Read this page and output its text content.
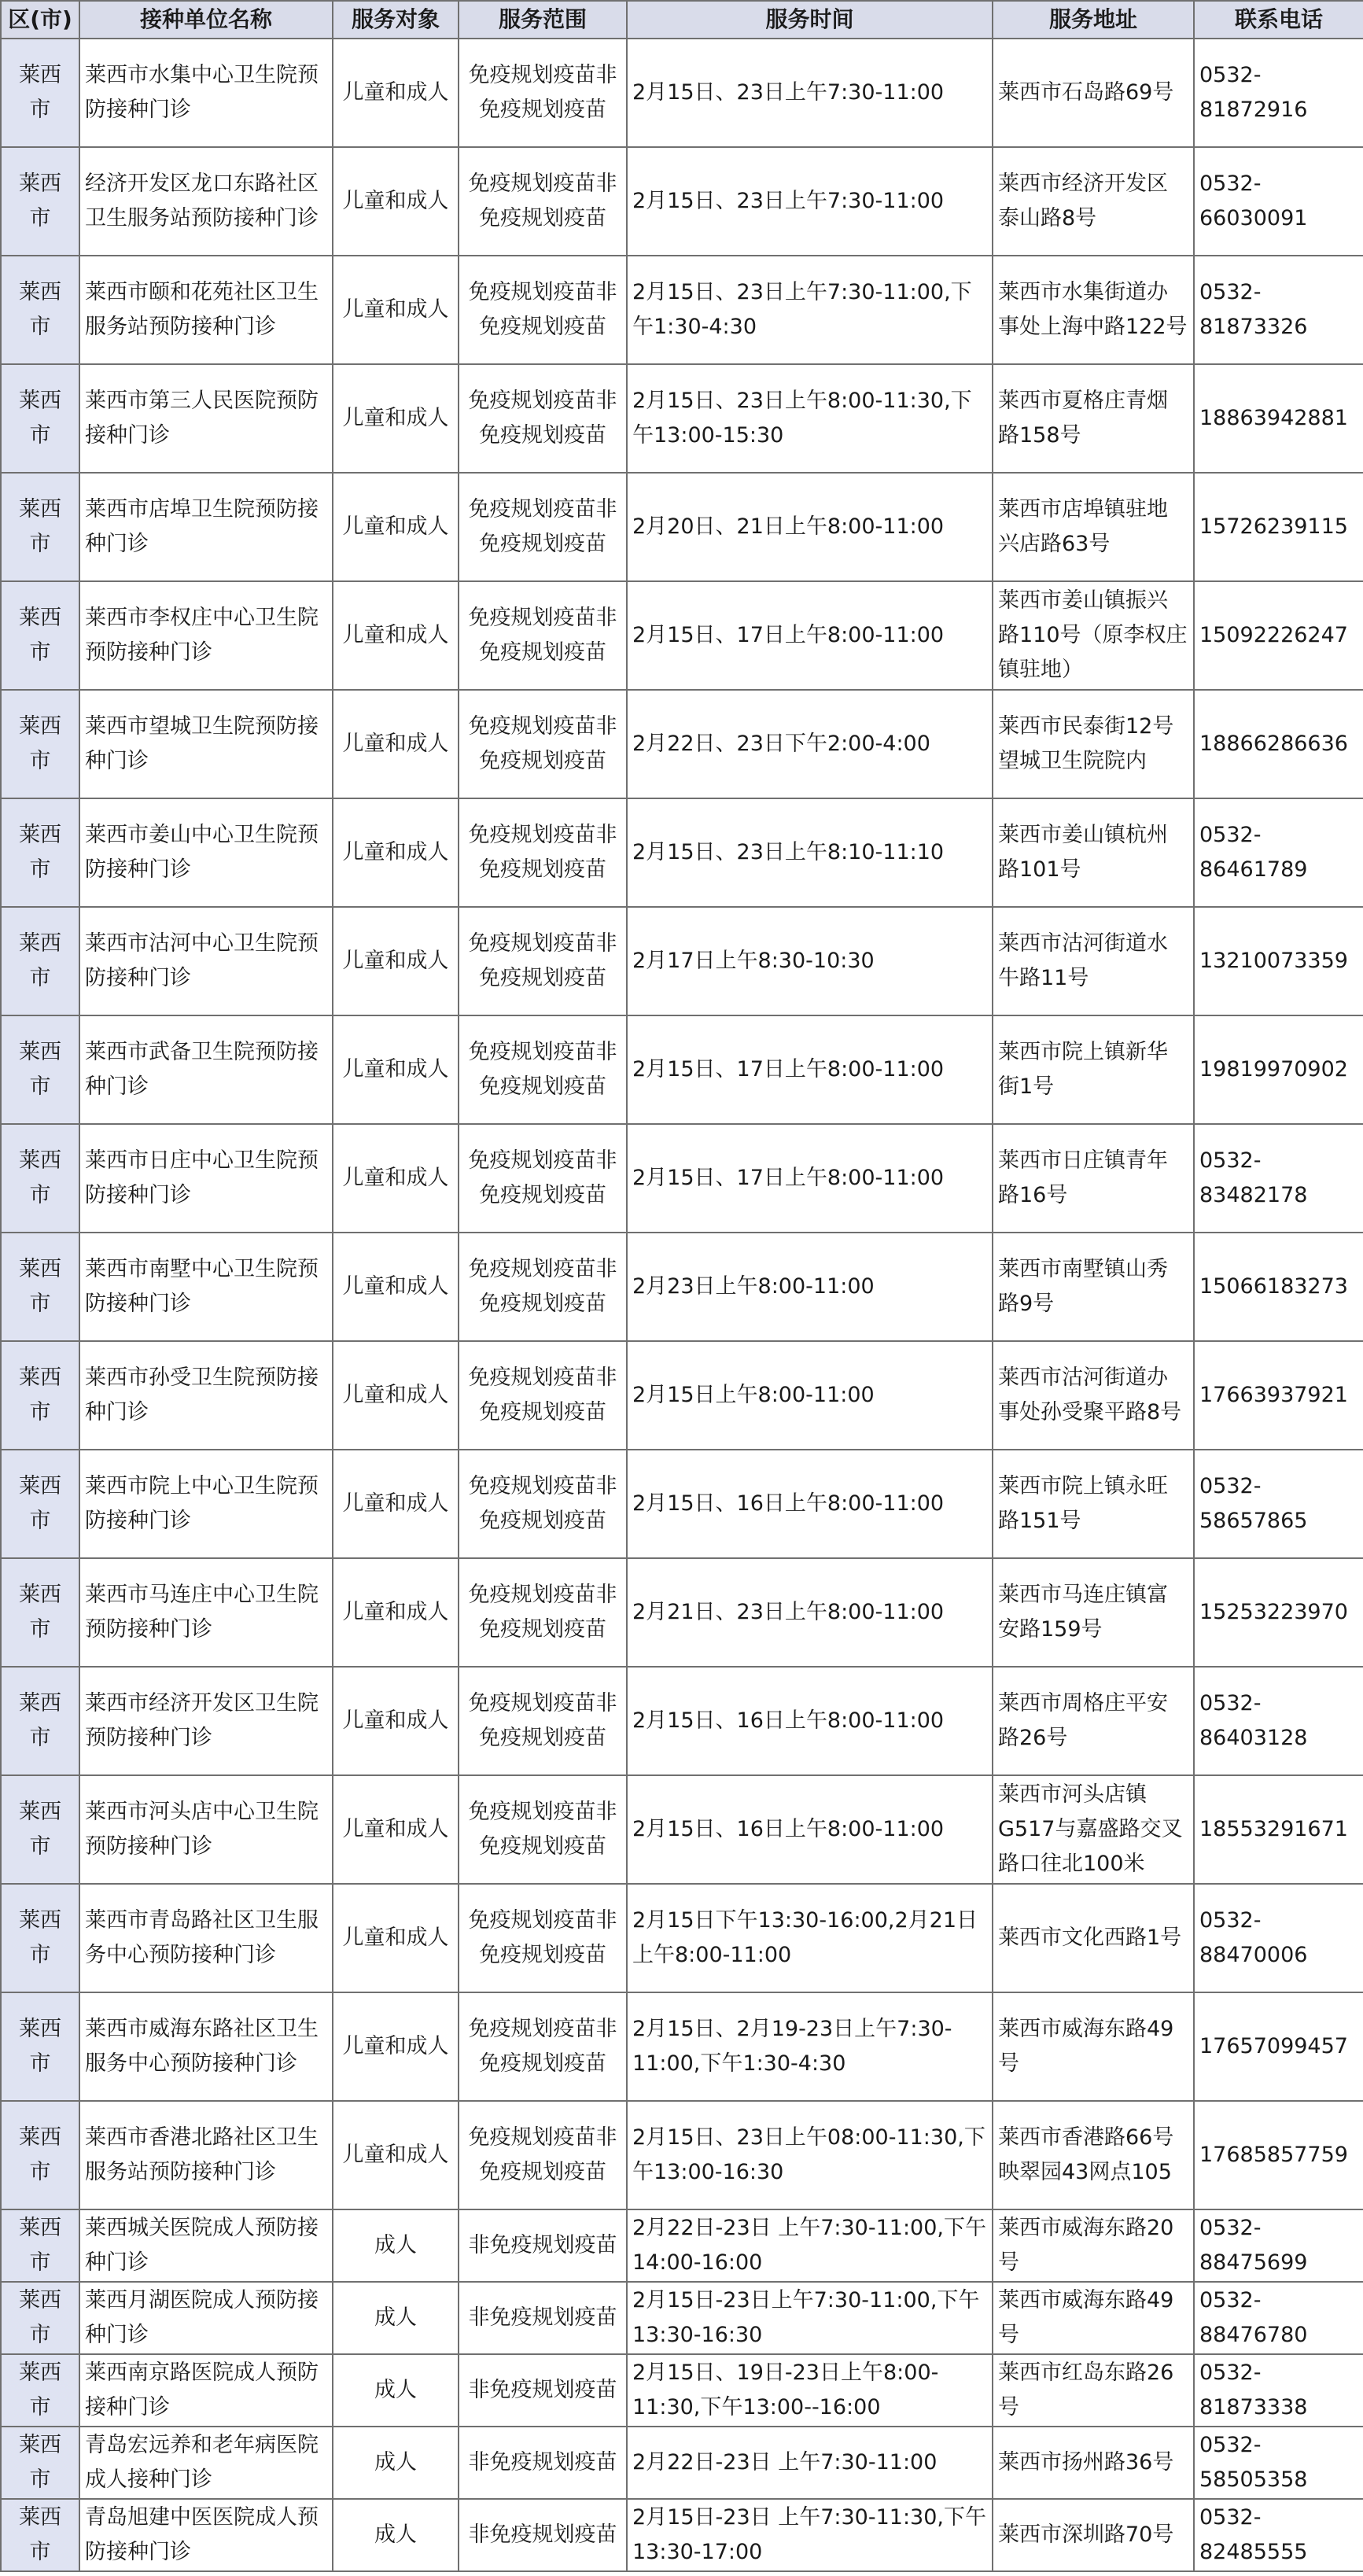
区(市)	接种单位名称	服务对象	服务范围	服务时间	服务地址	联系电话
莱西市	莱西市水集中心卫生院预防接种门诊	儿童和成人	免疫规划疫苗非免疫规划疫苗	2月15日、23日上午7:30-11:00	莱西市石岛路69号	0532-81872916
莱西市	经济开发区龙口东路社区卫生服务站预防接种门诊	儿童和成人	免疫规划疫苗非免疫规划疫苗	2月15日、23日上午7:30-11:00	莱西市经济开发区泰山路8号	0532-66030091
莱西市	莱西市颐和花苑社区卫生服务站预防接种门诊	儿童和成人	免疫规划疫苗非免疫规划疫苗	2月15日、23日上午7:30-11:00,下午1:30-4:30	莱西市水集街道办事处上海中路122号	0532-81873326
莱西市	莱西市第三人民医院预防接种门诊	儿童和成人	免疫规划疫苗非免疫规划疫苗	2月15日、23日上午8:00-11:30,下午13:00-15:30	莱西市夏格庄青烟路158号	18863942881
莱西市	莱西市店埠卫生院预防接种门诊	儿童和成人	免疫规划疫苗非免疫规划疫苗	2月20日、21日上午8:00-11:00	莱西市店埠镇驻地兴店路63号	15726239115
莱西市	莱西市李权庄中心卫生院预防接种门诊	儿童和成人	免疫规划疫苗非免疫规划疫苗	2月15日、17日上午8:00-11:00	莱西市姜山镇振兴路110号（原李权庄镇驻地）	15092226247
莱西市	莱西市望城卫生院预防接种门诊	儿童和成人	免疫规划疫苗非免疫规划疫苗	2月22日、23日下午2:00-4:00	莱西市民泰街12号望城卫生院院内	18866286636
莱西市	莱西市姜山中心卫生院预防接种门诊	儿童和成人	免疫规划疫苗非免疫规划疫苗	2月15日、23日上午8:10-11:10	莱西市姜山镇杭州路101号	0532-86461789
莱西市	莱西市沽河中心卫生院预防接种门诊	儿童和成人	免疫规划疫苗非免疫规划疫苗	2月17日上午8:30-10:30	莱西市沽河街道水牛路11号	13210073359
莱西市	莱西市武备卫生院预防接种门诊	儿童和成人	免疫规划疫苗非免疫规划疫苗	2月15日、17日上午8:00-11:00	莱西市院上镇新华街1号	19819970902
莱西市	莱西市日庄中心卫生院预防接种门诊	儿童和成人	免疫规划疫苗非免疫规划疫苗	2月15日、17日上午8:00-11:00	莱西市日庄镇青年路16号	0532-83482178
莱西市	莱西市南墅中心卫生院预防接种门诊	儿童和成人	免疫规划疫苗非免疫规划疫苗	2月23日上午8:00-11:00	莱西市南墅镇山秀路9号	15066183273
莱西市	莱西市孙受卫生院预防接种门诊	儿童和成人	免疫规划疫苗非免疫规划疫苗	2月15日上午8:00-11:00	莱西市沽河街道办事处孙受聚平路8号	17663937921
莱西市	莱西市院上中心卫生院预防接种门诊	儿童和成人	免疫规划疫苗非免疫规划疫苗	2月15日、16日上午8:00-11:00	莱西市院上镇永旺路151号	0532-58657865
莱西市	莱西市马连庄中心卫生院预防接种门诊	儿童和成人	免疫规划疫苗非免疫规划疫苗	2月21日、23日上午8:00-11:00	莱西市马连庄镇富安路159号	15253223970
莱西市	莱西市经济开发区卫生院预防接种门诊	儿童和成人	免疫规划疫苗非免疫规划疫苗	2月15日、16日上午8:00-11:00	莱西市周格庄平安路26号	0532-86403128
莱西市	莱西市河头店中心卫生院预防接种门诊	儿童和成人	免疫规划疫苗非免疫规划疫苗	2月15日、16日上午8:00-11:00	莱西市河头店镇G517与嘉盛路交叉路口往北100米	18553291671
莱西市	莱西市青岛路社区卫生服务中心预防接种门诊	儿童和成人	免疫规划疫苗非免疫规划疫苗	2月15日下午13:30-16:00,2月21日上午8:00-11:00	莱西市文化西路1号	0532-88470006
莱西市	莱西市威海东路社区卫生服务中心预防接种门诊	儿童和成人	免疫规划疫苗非免疫规划疫苗	2月15日、2月19-23日上午7:30-11:00,下午1:30-4:30	莱西市威海东路49号	17657099457
莱西市	莱西市香港北路社区卫生服务站预防接种门诊	儿童和成人	免疫规划疫苗非免疫规划疫苗	2月15日、23日上午08:00-11:30,下午13:00-16:30	莱西市香港路66号映翠园43网点105	17685857759
莱西市	莱西城关医院成人预防接种门诊	成人	非免疫规划疫苗	2月22日-23日 上午7:30-11:00,下午14:00-16:00	莱西市威海东路20号	0532-88475699
莱西市	莱西月湖医院成人预防接种门诊	成人	非免疫规划疫苗	2月15日-23日上午7:30-11:00,下午13:30-16:30	莱西市威海东路49号	0532-88476780
莱西市	莱西南京路医院成人预防接种门诊	成人	非免疫规划疫苗	2月15日、19日-23日上午8:00-11:30,下午13:00--16:00	莱西市红岛东路26号	0532-81873338
莱西市	青岛宏远养和老年病医院成人接种门诊	成人	非免疫规划疫苗	2月22日-23日 上午7:30-11:00	莱西市扬州路36号	0532-58505358
莱西市	青岛旭建中医医院成人预防接种门诊	成人	非免疫规划疫苗	2月15日-23日 上午7:30-11:30,下午13:30-17:00	莱西市深圳路70号	0532-82485555
